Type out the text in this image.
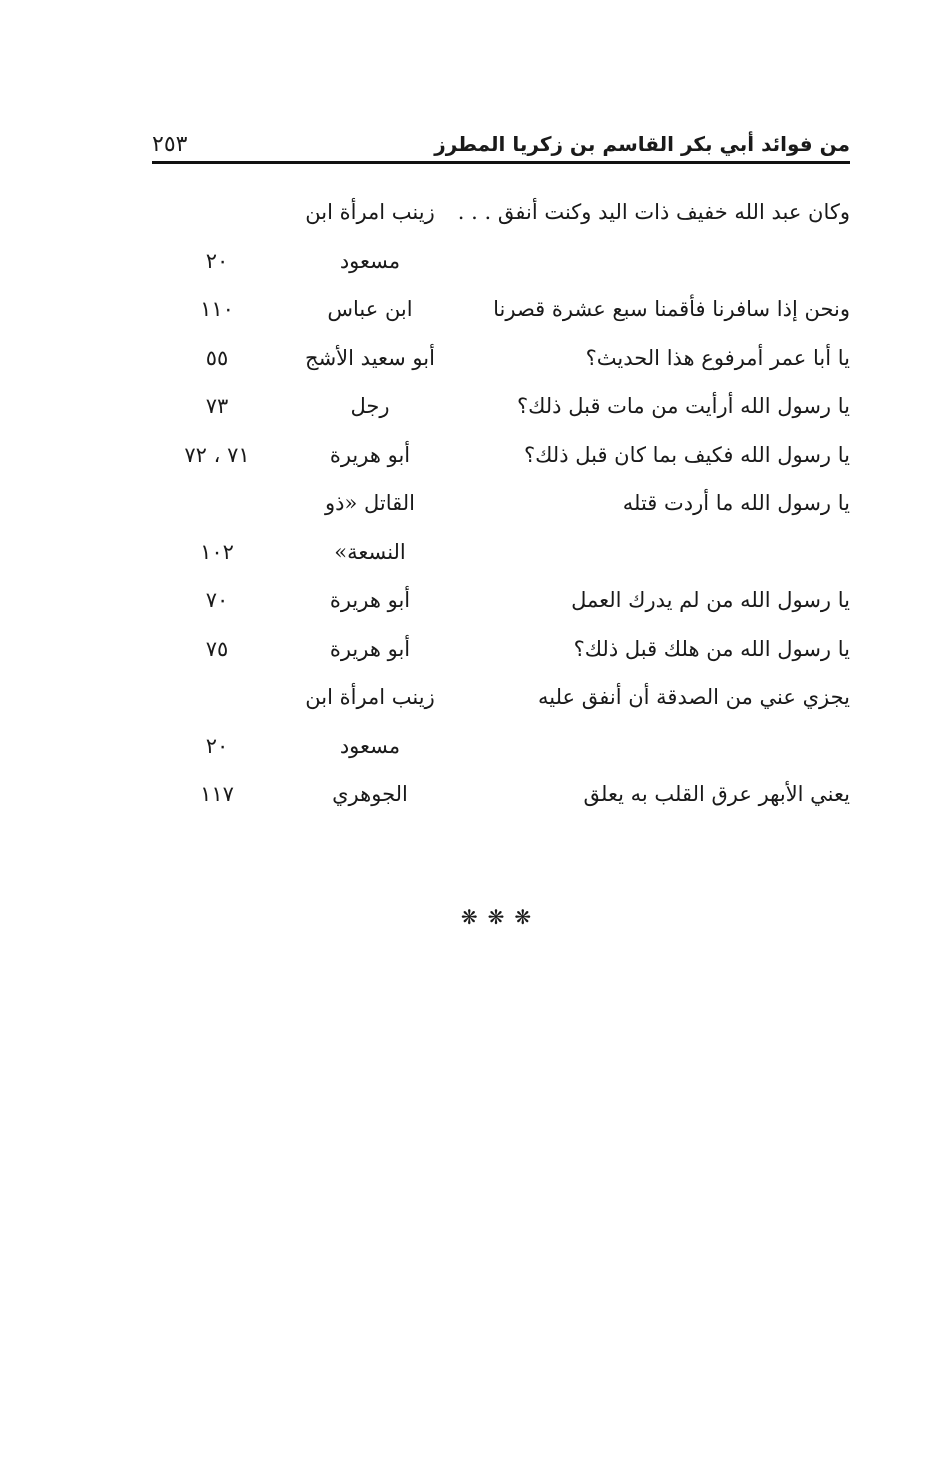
من فوائد أبي بكر القاسم بن زكريا المطرز
٢٥٣
وكان عبد الله خفيف ذات اليد وكنت أنفق . . .
زينب امرأة ابن
مسعود
٢٠
ونحن إذا سافرنا فأقمنا سبع عشرة قصرنا
ابن عباس
١١٠
يا أبا عمر أمرفوع هذا الحديث؟
أبو سعيد الأشج
٥٥
يا رسول الله أرأيت من مات قبل ذلك؟
رجل
٧٣
يا رسول الله فكيف بما كان قبل ذلك؟
أبو هريرة
٧١ ، ٧٢
يا رسول الله ما أردت قتله
القاتل «ذو
النسعة»
١٠٢
يا رسول الله من لم يدرك العمل
أبو هريرة
٧٠
يا رسول الله من هلك قبل ذلك؟
أبو هريرة
٧٥
يجزي عني من الصدقة أن أنفق عليه
زينب امرأة ابن
مسعود
٢٠
يعني الأبهر عرق القلب به يعلق
الجوهري
١١٧
❋❋❋
